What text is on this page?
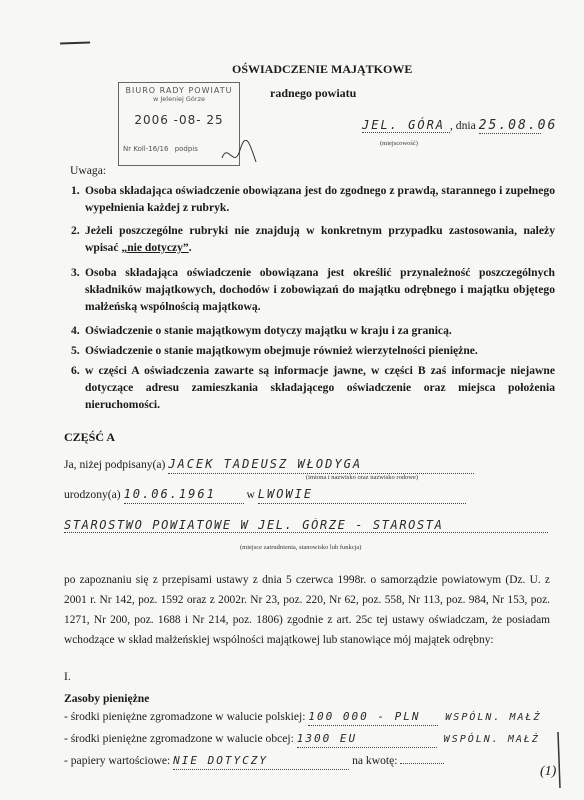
OŚWIADCZENIE MAJĄTKOWE
BIURO RADY POWIATU
w Jeleniej Górze
2006 -08- 25
Nr Koll-16/16 podpis
radnego powiatu
JEL. GÓRA , dnia 25.08.06
(miejscowość)
Uwaga:
1. Osoba składająca oświadczenie obowiązana jest do zgodnego z prawdą, starannego i zupełnego wypełnienia każdej z rubryk.
2. Jeżeli poszczególne rubryki nie znajdują w konkretnym przypadku zastosowania, należy wpisać „nie dotyczy”.
3. Osoba składająca oświadczenie obowiązana jest określić przynależność poszczególnych składników majątkowych, dochodów i zobowiązań do majątku odrębnego i majątku objętego małżeńską wspólnością majątkową.
4. Oświadczenie o stanie majątkowym dotyczy majątku w kraju i za granicą.
5. Oświadczenie o stanie majątkowym obejmuje również wierzytelności pieniężne.
6. w części A oświadczenia zawarte są informacje jawne, w części B zaś informacje niejawne dotyczące adresu zamieszkania składającego oświadczenie oraz miejsca położenia nieruchomości.
CZĘŚĆ A
Ja, niżej podpisany(a) JACEK TADEUSZ WŁODYGA
(imiona i nazwisko oraz nazwisko rodowe)
urodzony(a) 10.06.1961	w LWOWIE
STAROSTWO POWIATOWE W JEL. GÓRZE - STAROSTA
(miejsce zatrudnienia, stanowisko lub funkcja)
po zapoznaniu się z przepisami ustawy z dnia 5 czerwca 1998r. o samorządzie powiatowym (Dz. U. z 2001 r. Nr 142, poz. 1592 oraz z 2002r. Nr 23, poz. 220, Nr 62, poz. 558, Nr 113, poz. 984, Nr 153, poz. 1271, Nr 200, poz. 1688 i Nr 214, poz. 1806) zgodnie z art. 25c tej ustawy oświadczam, że posiadam wchodzące w skład małżeńskiej wspólności majątkowej lub stanowiące mój majątek odrębny:
I.
Zasoby pieniężne
- środki pieniężne zgromadzone w walucie polskiej: 100 000 - PLN WSPÓLN. MAŁŻ
- środki pieniężne zgromadzone w walucie obcej: 1300 EU	WSPÓLN. MAŁŻ
- papiery wartościowe: NIE DOTYCZY	na kwotę:
(1)
